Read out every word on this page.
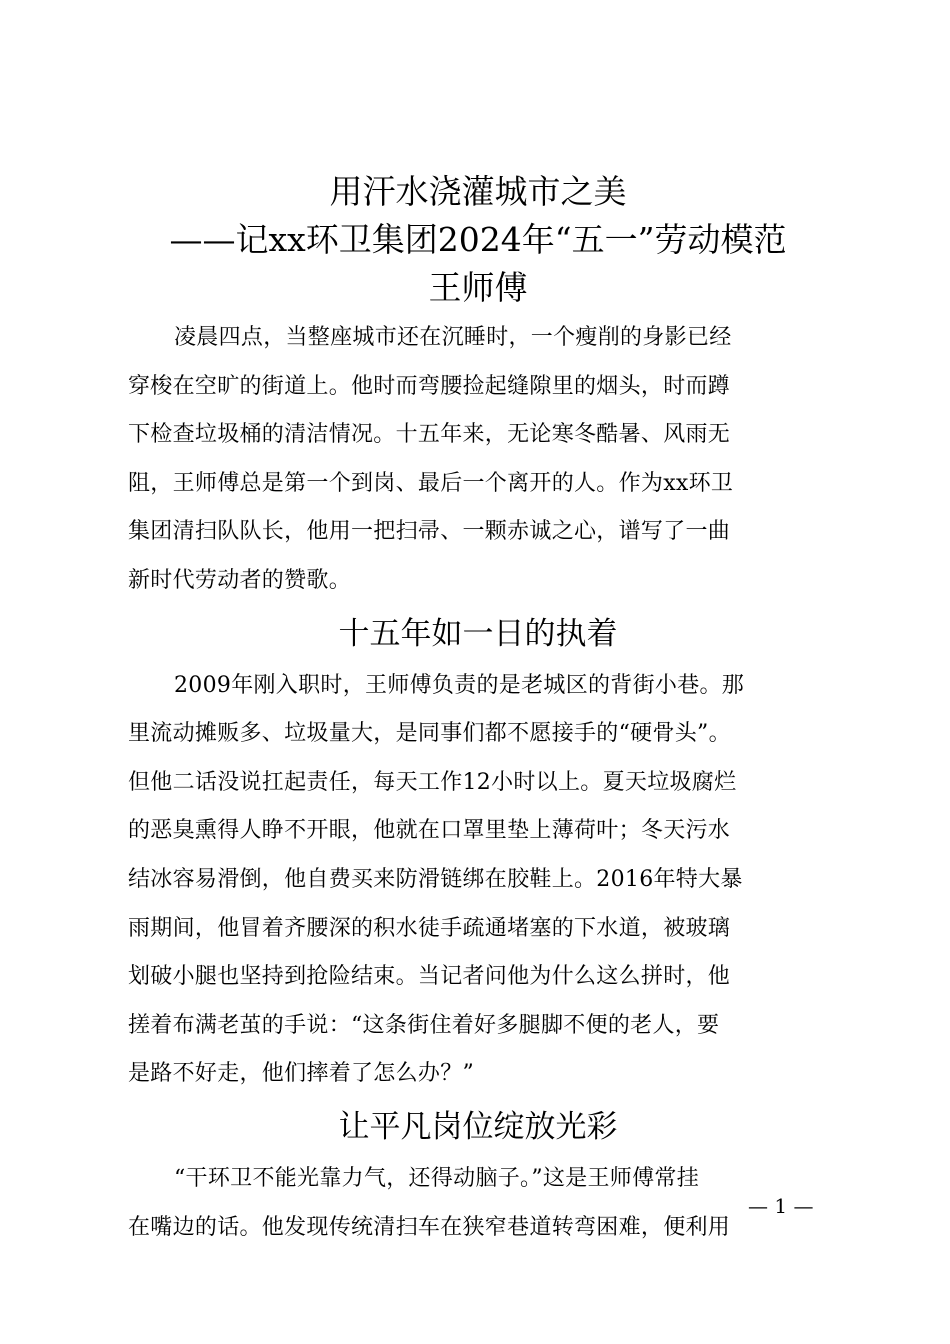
用汗水浇灌城市之美
——记xx环卫集团2024年“五一”劳动模范
王师傅

凌晨四点，当整座城市还在沉睡时，一个瘦削的身影已经
穿梭在空旷的街道上。他时而弯腰捡起缝隙里的烟头，时而蹲
下检查垃圾桶的清洁情况。十五年来，无论寒冬酷暑、风雨无
阻，王师傅总是第一个到岗、最后一个离开的人。作为xx环卫
集团清扫队队长，他用一把扫帚、一颗赤诚之心，谱写了一曲
新时代劳动者的赞歌。

十五年如一日的执着

2009年刚入职时，王师傅负责的是老城区的背街小巷。那
里流动摊贩多、垃圾量大，是同事们都不愿接手的“硬骨头”。
但他二话没说扛起责任，每天工作12小时以上。夏天垃圾腐烂
的恶臭熏得人睁不开眼，他就在口罩里垫上薄荷叶；冬天污水
结冰容易滑倒，他自费买来防滑链绑在胶鞋上。2016年特大暴
雨期间，他冒着齐腰深的积水徒手疏通堵塞的下水道，被玻璃
划破小腿也坚持到抢险结束。当记者问他为什么这么拼时，他
搓着布满老茧的手说：“这条街住着好多腿脚不便的老人，要
是路不好走，他们摔着了怎么办？”

让平凡岗位绽放光彩

“干环卫不能光靠力气，还得动脑子。”这是王师傅常挂
在嘴边的话。他发现传统清扫车在狭窄巷道转弯困难，便利用

— 1 —
